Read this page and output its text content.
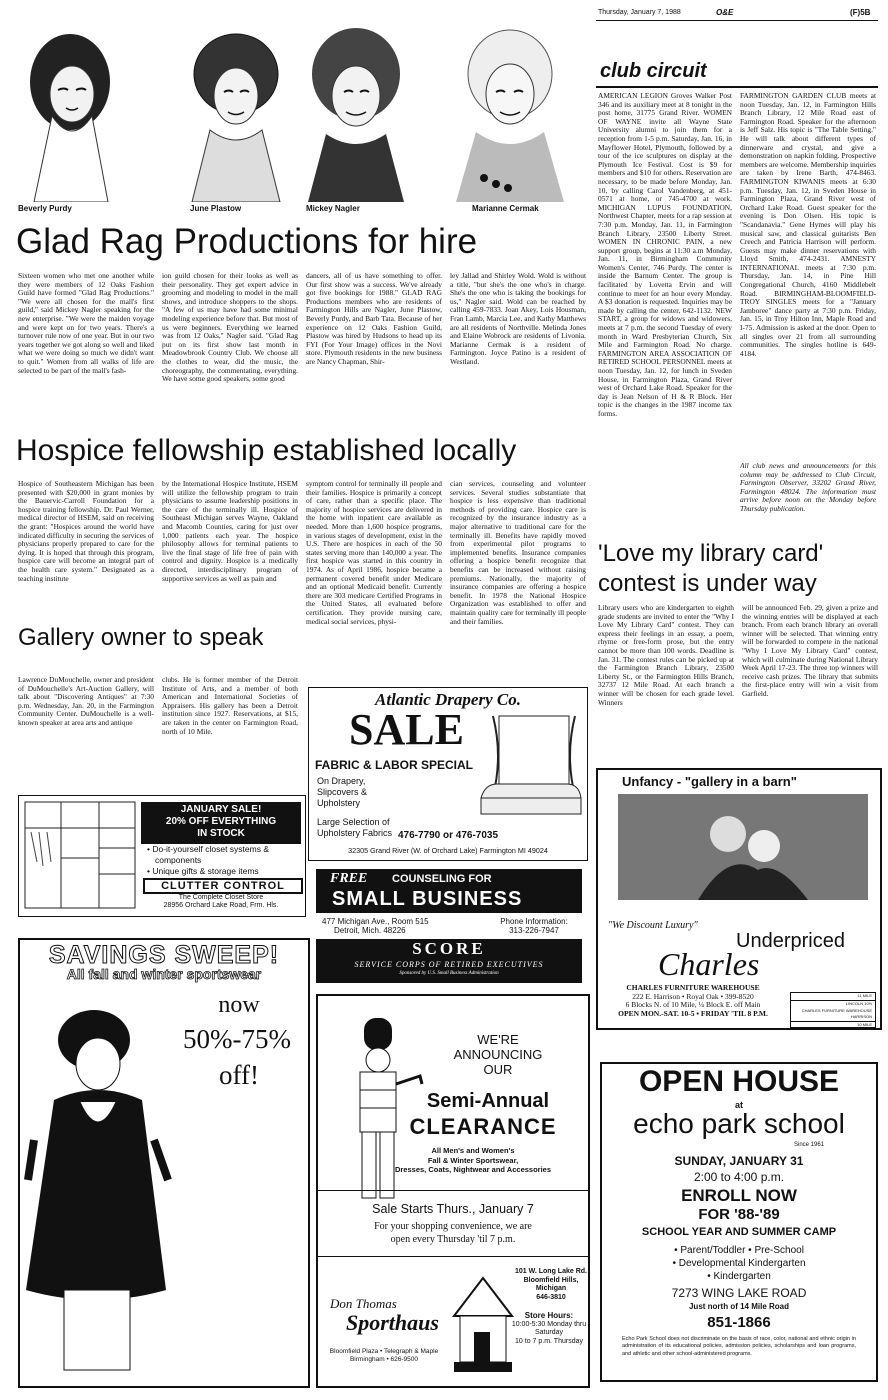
Thursday, January 7, 1988	O&E	(F)5B
Beverly Purdy	June Plastow	Mickey Nagler	Marianne Cermak
Glad Rag Productions for hire
Sixteen women who met one another while they were members of 12 Oaks Fashion Guild have formed "Glad Rag Productions." "We were all chosen for the mall's first guild," said Mickey Nagler speaking for the new enterprise. "We were the maiden voyage and were kept on for two years. There's a turnover rule now of one year. But in our two years together we got along so well and liked what we were doing so much we didn't want to quit." Women from all walks of life are selected to be part of the mall's fash-
ion guild chosen for their looks as well as their personality. They get expert advice in grooming and modeling to model in the mall shows, and introduce shoppers to the shops. "A few of us may have had some minimal modeling experience before that. But most of us were beginners. Everything we learned was from 12 Oaks," Nagler said. "Glad Rag put on its first show last month in Meadowbrook Country Club. We choose all the clothes to wear, did the music, the choreography, the commentating, everything. We have some good speakers, some good
dancers, all of us have something to offer. Our first show was a success. We've already got five bookings for 1988." GLAD RAG Productions members who are residents of Farmington Hills are Nagler, June Plastow, Beverly Purdy, and Barb Tata. Because of her experience on 12 Oaks Fashion Guild, Plastow was hired by Hudsons to head up its FYI (For Your Image) offices in the Novi store. Plymouth residents in the new business are Nancy Chapman, Shir-
ley Jallad and Shirley Wold. Wold is without a title, "but she's the one who's in charge. She's the one who is taking the bookings for us," Nagler said. Wold can be reached by calling 459-7833. Joan Akey, Lois Housman, Fran Lamb, Marcia Lee, and Kathy Matthews are all residents of Northville. Melinda Jones and Elaine Wobrock are residents of Livonia. Marianne Cermak is a resident of Farmington. Joyce Patino is a resident of Westland.
Hospice fellowship established locally
Hospice of Southeastern Michigan has been presented with $20,000 in grant monies by the Bauervic-Carroll Foundation for a hospice training fellowship. Dr. Paul Werner, medical director of HSEM, said on receiving the grant: "Hospices around the world have indicated difficulty in securing the services of physicians properly prepared to care for the dying. It is hoped that through this program, hospice care will become an integral part of the health care system." Designated as a teaching institute
by the International Hospice Institute, HSEM will utilize the fellowship program to train physicians to assume leadership positions in the care of the terminally ill. Hospice of Southeast Michigan serves Wayne, Oakland and Macomb Counties, caring for just over 1,000 patients each year. The hospice philosophy allows for terminal patients to live the final stage of life free of pain with control and dignity. Hospice is a medically directed, interdisciplinary program of supportive services as well as pain and
symptom control for terminally ill people and their families. Hospice is primarily a concept of care, rather than a specific place. The majority of hospice services are delivered in the home with inpatient care available as needed. More than 1,600 hospice programs, in various stages of development, exist in the U.S. There are hospices in each of the 50 states serving more than 140,000 a year. The first hospice was started in this country in 1974. As of April 1986, hospice became a permanent covered benefit under Medicare and an optional Medicaid benefit. Currently there are 303 medicare Certified Programs in the United States, all evaluated before certification. They provide nursing care, medical social services, physi-
cian services, counseling and volunteer services. Several studies substantiate that hospice is less expensive than traditional methods of providing care. Hospice care is recognized by the insurance industry as a major alternative to traditional care for the terminally ill. Benefits have rapidly moved from experimental pilot programs to implemented benefits. Insurance companies offering a hospice benefit recognize that benefits can be increased without raising premiums. Nationally, the majority of insurance companies are offering a hospice benefit. In 1978 the National Hospice Organization was established to offer and maintain quality care for terminally ill people and their families.
Gallery owner to speak
Lawrence DuMouchelle, owner and president of DuMouchelle's Art-Auction Gallery, will talk about "Discovering Antiques" at 7:30 p.m. Wednesday, Jan. 20, in the Farmington Community Center. DuMouchelle is a well-known speaker at area arts and antique
clubs. He is former member of the Detroit Institute of Arts, and a member of both American and International Societies of Appraisers. His gallery has been a Detroit institution since 1927. Reservations, at $15, are taken in the center on Farmington Road, north of 10 Mile.
club circuit
AMERICAN LEGION Groves Walker Post 346 and its auxiliary meet at 8 tonight in the post home, 31775 Grand River. WOMEN OF WAYNE invite all Wayne State University alumni to join them for a reception from 1-5 p.m. Saturday, Jan. 16, in Mayflower Hotel, Plymouth, followed by a tour of the ice sculptures on display at the Plymouth Ice Festival. Cost is $9 for members and $10 for others. Reservation are necessary, to be made before Monday, Jan. 10, by calling Carol Vandenberg, at 451-0571 at home, or 745-4700 at work. MICHIGAN LUPUS FOUNDATION, Northwest Chapter, meets for a rap session at 7:30 p.m. Monday, Jan. 11, in Farmington Branch Library, 23500 Liberty Street. WOMEN IN CHRONIC PAIN, a new support group, begins at 11:30 a.m Monday, Jan. 11, in Birmingham Community Women's Center, 746 Purdy. The center is inside the Barnum Center. The group is facilitated by Lovetta Ervin and will continue to meet for an hour every Monday. A $3 donation is requested. Inquiries may be made by calling the center, 642-1132. NEW START, a group for widows and widowers, meets at 7 p.m. the second Tuesday of every month in Ward Presbyterian Church, Six Mile and Farmington Road. No charge. FARMINGTON AREA ASSOCIATION OF RETIRED SCHOOL PERSONNEL meets at noon Tuesday, Jan. 12, for lunch in Sveden House, in Farmington Plaza, Grand River west of Orchard Lake Road. Speaker for the day is Jean Nelson of H & R Block. Her topic is the changes in the 1987 income tax forms.
FARMINGTON GARDEN CLUB meets at noon Tuesday, Jan. 12, in Farmington Hills Branch Library, 12 Mile Road east of Farmington Road. Speaker for the afternoon is Jeff Salz. His topic is "The Table Setting." He will talk about different types of dinnerware and crystal, and give a demonstration on napkin folding. Prospective members are welcome. Membership inquiries are taken by Irene Barth, 474-8463. FARMINGTON KIWANIS meets at 6:30 p.m. Tuesday, Jan. 12, in Sveden House in Farmington Plaza, Grand River west of Orchard Lake Road. Guest speaker for the evening is Don Olsen. His topic is "Scandanavia." Gene Hymes will play his musical saw, and classical guitarists Ben Creech and Patricia Harrison will perform. Guests may make dinner reservations with Lloyd Smith, 474-2431. AMNESTY INTERNATIONAL meets at 7:30 p.m. Thursday, Jan. 14, in Pine Hill Congregational Church, 4160 Middlebelt Road. BIRMINGHAM-BLOOMFIELD-TROY SINGLES meets for a "January Jamboree" dance party at 7:30 p.m. Friday, Jan. 15, in Troy Hilton Inn, Maple Road and I-75. Admission is asked at the door. Open to all singles over 21 from all surrounding communities. The singles hotline is 649-4184.
All club news and announcements for this column may be addressed to Club Circuit, Farmington Observer, 33202 Grand River, Farmington 48024. The information must arrive before noon on the Monday before Thursday publication.
'Love my library card'
contest is under way
Library users who are kindergarten to eighth grade students are invited to enter the "Why I Love My Library Card" contest. They can express their feelings in an essay, a poem, rhyme or free-form prose, but the entry cannot be more than 100 words. Deadline is Jan. 31. The contest rules can be picked up at the Farmington Branch Library, 23500 Liberty St., or the Farmington Hills Branch, 32737 12 Mile Road. At each branch a winner will be chosen for each grade level. Winners
will be announced Feb. 29, given a prize and the winning entries will be displayed at each branch. From each branch library an overall winner will be selected. That winning entry will be forwarded to compete in the national "Why I Love My Library Card" contest, which will culminate during National Library Week April 17-23. The three top winners will receive cash prizes. The library that submits the first-place entry will win a visit from Garfield.
JANUARY SALE!
20% OFF EVERYTHING
IN STOCK
• Do-it-yourself closet systems &
components
• Unique gifts & storage items
CLUTTER CONTROL
The Complete Closet Store
28956 Orchard Lake Road, Frm. Hls.
Atlantic Drapery Co.
SALE
FABRIC & LABOR SPECIAL
On Drapery,
Slipcovers &
Upholstery
Large Selection of
Upholstery Fabrics 476-7790 or 476-7035
32305 Grand River (W. of Orchard Lake) Farmington MI 49024
FREE COUNSELING FOR
SMALL BUSINESS
477 Michigan Ave., Room 515
Detroit, Mich. 48226
Phone Information:
313-226-7947
SCORE
SERVICE CORPS OF RETIRED EXECUTIVES
Sponsored by U.S. Small Business Administration
Unfancy - "gallery in a barn"
"We Discount Luxury"
Underpriced
Charles
CHARLES FURNITURE WAREHOUSE
222 E. Harrison • Royal Oak • 399-8520
6 Blocks N. of 10 Mile, ¼ Block E. off Main
OPEN MON.-SAT. 10-5 • FRIDAY 'TIL 8 P.M.
11 MILE
LINCOLN 10½
CHARLES FURNITURE WAREHOUSE
HARRISON
10 MILE
SAVINGS SWEEP!
All fall and winter sportswear
now
50%-75%
off!
WE'RE
ANNOUNCING
OUR
Semi-Annual
CLEARANCE
All Men's and Women's
Fall & Winter Sportswear,
Dresses, Coats, Nightwear and Accessories
Sale Starts Thurs., January 7
For your shopping convenience, we are
open every Thursday 'til 7 p.m.
Don Thomas
Sporthaus
Bloomfield Plaza • Telegraph & Maple
Birmingham • 626-9500
101 W. Long Lake Rd.
Bloomfield Hills, Michigan
646-3810
Store Hours:
10:00-5:30 Monday thru Saturday
10 to 7 p.m. Thursday
OPEN HOUSE
at
echo park school
Since 1961
SUNDAY, JANUARY 31
2:00 to 4:00 p.m.
ENROLL NOW
FOR '88-'89
SCHOOL YEAR AND SUMMER CAMP
• Parent/Toddler • Pre-School
• Developmental Kindergarten
• Kindergarten
7273 WING LAKE ROAD
Just north of 14 Mile Road
851-1866
Echo Park School does not discriminate on the basis of race, color, national and ethnic origin in administration of its educational policies, admission policies, scholarships and loan programs, and athletic and other school-administered programs.
